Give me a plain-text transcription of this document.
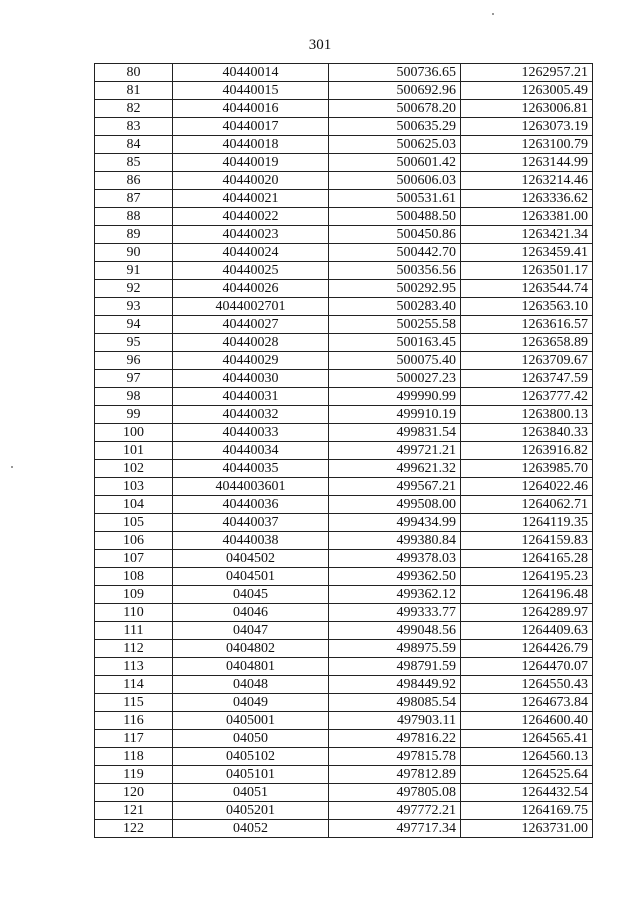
301
80	40440014	500736.65	1262957.21
81	40440015	500692.96	1263005.49
82	40440016	500678.20	1263006.81
83	40440017	500635.29	1263073.19
84	40440018	500625.03	1263100.79
85	40440019	500601.42	1263144.99
86	40440020	500606.03	1263214.46
87	40440021	500531.61	1263336.62
88	40440022	500488.50	1263381.00
89	40440023	500450.86	1263421.34
90	40440024	500442.70	1263459.41
91	40440025	500356.56	1263501.17
92	40440026	500292.95	1263544.74
93	4044002701	500283.40	1263563.10
94	40440027	500255.58	1263616.57
95	40440028	500163.45	1263658.89
96	40440029	500075.40	1263709.67
97	40440030	500027.23	1263747.59
98	40440031	499990.99	1263777.42
99	40440032	499910.19	1263800.13
100	40440033	499831.54	1263840.33
101	40440034	499721.21	1263916.82
102	40440035	499621.32	1263985.70
103	4044003601	499567.21	1264022.46
104	40440036	499508.00	1264062.71
105	40440037	499434.99	1264119.35
106	40440038	499380.84	1264159.83
107	0404502	499378.03	1264165.28
108	0404501	499362.50	1264195.23
109	04045	499362.12	1264196.48
110	04046	499333.77	1264289.97
111	04047	499048.56	1264409.63
112	0404802	498975.59	1264426.79
113	0404801	498791.59	1264470.07
114	04048	498449.92	1264550.43
115	04049	498085.54	1264673.84
116	0405001	497903.11	1264600.40
117	04050	497816.22	1264565.41
118	0405102	497815.78	1264560.13
119	0405101	497812.89	1264525.64
120	04051	497805.08	1264432.54
121	0405201	497772.21	1264169.75
122	04052	497717.34	1263731.00
